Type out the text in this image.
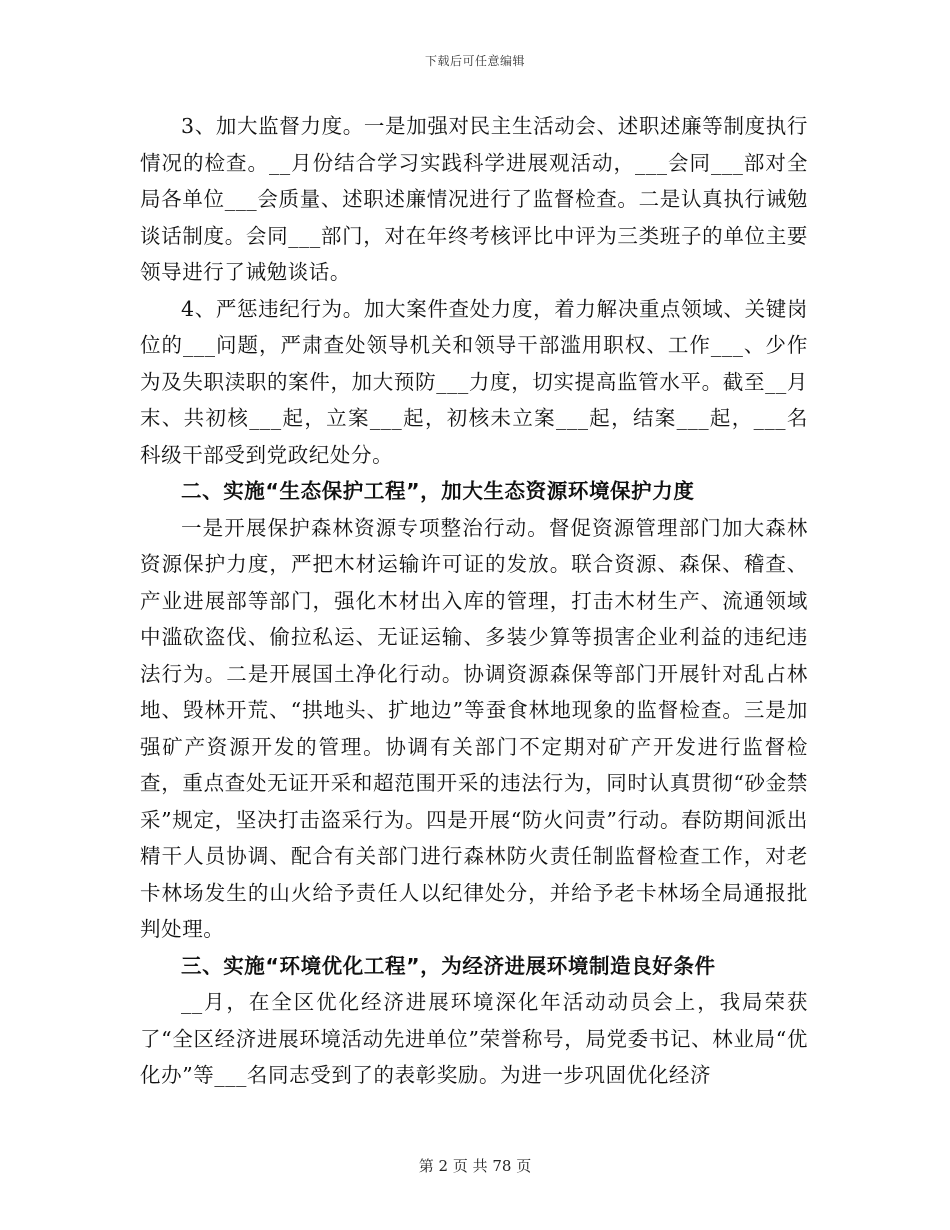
下载后可任意编辑

3、加大监督力度。一是加强对民主生活动会、述职述廉等制度执行情况的检查。__月份结合学习实践科学进展观活动，___会同___部对全局各单位___会质量、述职述廉情况进行了监督检查。二是认真执行诫勉谈话制度。会同___部门，对在年终考核评比中评为三类班子的单位主要领导进行了诫勉谈话。

4、严惩违纪行为。加大案件查处力度，着力解决重点领域、关键岗位的___问题，严肃查处领导机关和领导干部滥用职权、工作___、少作为及失职渎职的案件，加大预防___力度，切实提高监管水平。截至__月末、共初核___起，立案___起，初核未立案___起，结案___起，___名科级干部受到党政纪处分。

二、实施“生态保护工程”，加大生态资源环境保护力度

一是开展保护森林资源专项整治行动。督促资源管理部门加大森林资源保护力度，严把木材运输许可证的发放。联合资源、森保、稽查、产业进展部等部门，强化木材出入库的管理，打击木材生产、流通领域中滥砍盗伐、偷拉私运、无证运输、多装少算等损害企业利益的违纪违法行为。二是开展国土净化行动。协调资源森保等部门开展针对乱占林地、毁林开荒、“拱地头、扩地边”等蚕食林地现象的监督检查。三是加强矿产资源开发的管理。协调有关部门不定期对矿产开发进行监督检查，重点查处无证开采和超范围开采的违法行为，同时认真贯彻“砂金禁采”规定，坚决打击盗采行为。四是开展“防火问责”行动。春防期间派出精干人员协调、配合有关部门进行森林防火责任制监督检查工作，对老卡林场发生的山火给予责任人以纪律处分，并给予老卡林场全局通报批判处理。

三、实施“环境优化工程”，为经济进展环境制造良好条件

__月，在全区优化经济进展环境深化年活动动员会上，我局荣获了“全区经济进展环境活动先进单位”荣誉称号，局党委书记、林业局“优化办”等___名同志受到了的表彰奖励。为进一步巩固优化经济

第 2 页 共 78 页
